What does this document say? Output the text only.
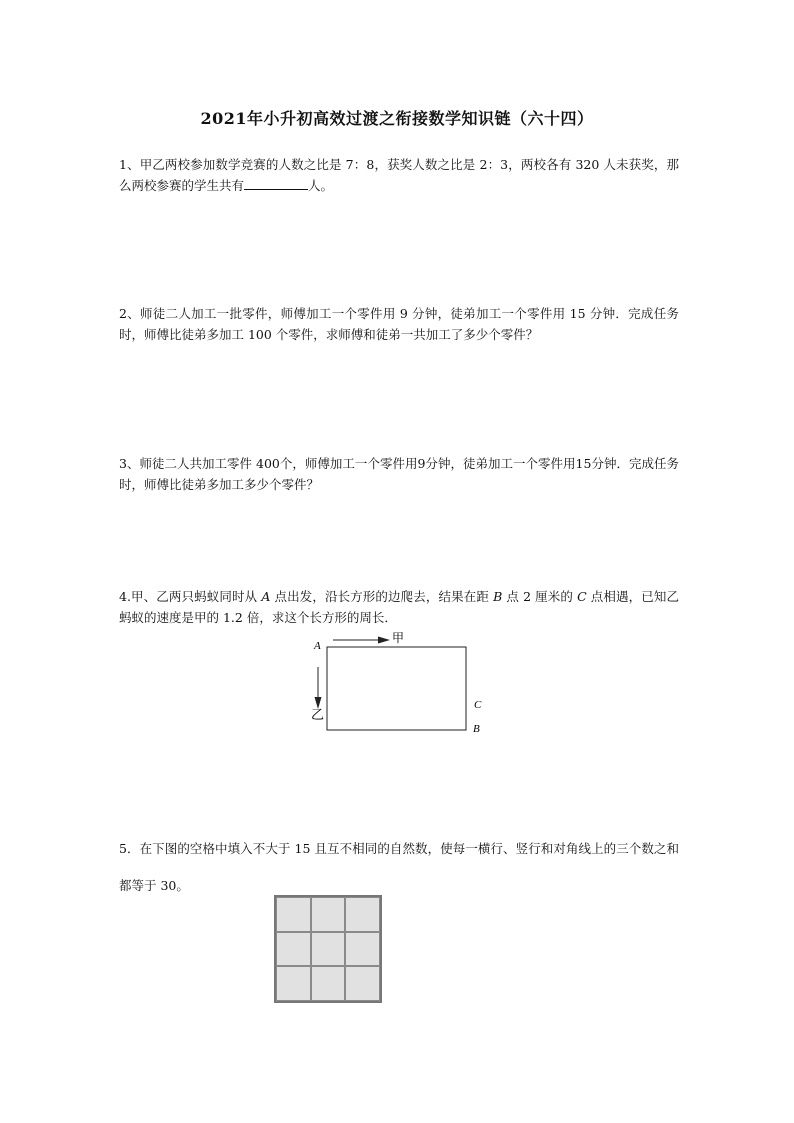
2021年小升初高效过渡之衔接数学知识链（六十四）
1、甲乙两校参加数学竞赛的人数之比是 7：8，获奖人数之比是 2：3，两校各有 320 人未获奖，那么两校参赛的学生共有	人。
2、师徒二人加工一批零件，师傅加工一个零件用 9 分钟，徒弟加工一个零件用 15 分钟．完成任务时，师傅比徒弟多加工 100 个零件，求师傅和徒弟一共加工了多少个零件？
3、师徒二人共加工零件 400个，师傅加工一个零件用9分钟，徒弟加工一个零件用15分钟．完成任务时，师傅比徒弟多加工多少个零件？
4.甲、乙两只蚂蚁同时从 A 点出发，沿长方形的边爬去，结果在距 B 点 2 厘米的 C 点相遇，已知乙蚂蚁的速度是甲的 1.2 倍，求这个长方形的周长．
A
甲
乙
C
B
5．在下图的空格中填入不大于 15 且互不相同的自然数，使每一横行、竖行和对角线上的三个数之和都等于 30。
